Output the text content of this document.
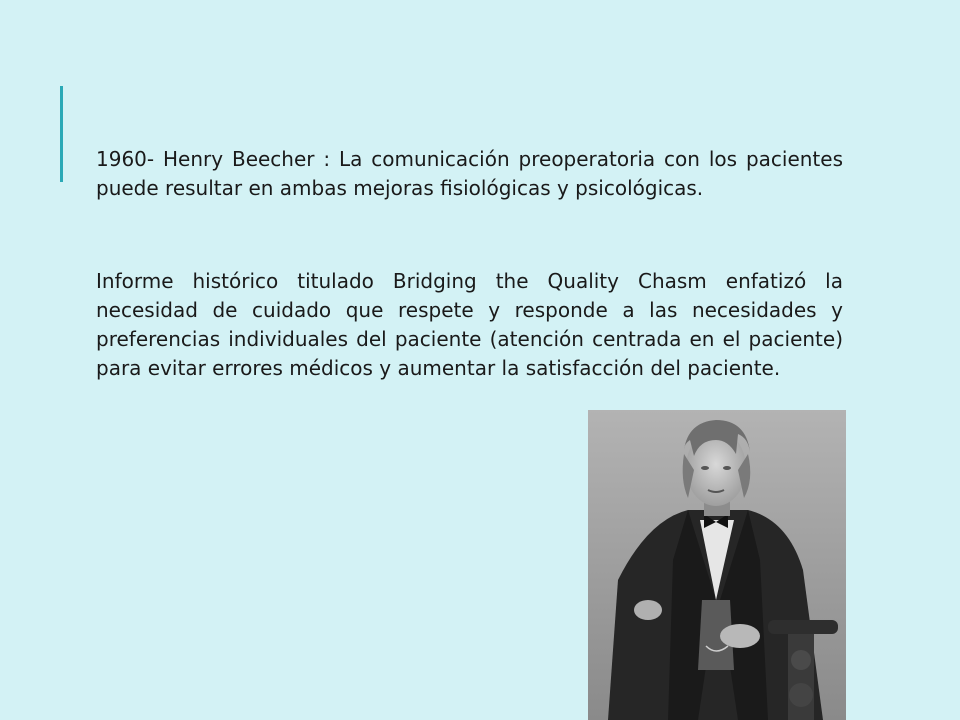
1960- Henry Beecher : La comunicación preoperatoria con los pacientes puede resultar en ambas mejoras fisiológicas y psicológicas.

Informe histórico titulado Bridging the Quality Chasm enfatizó la necesidad de cuidado que respete y responde a las necesidades y preferencias individuales del paciente (atención centrada en el paciente) para evitar errores médicos y aumentar la satisfacción del paciente.
